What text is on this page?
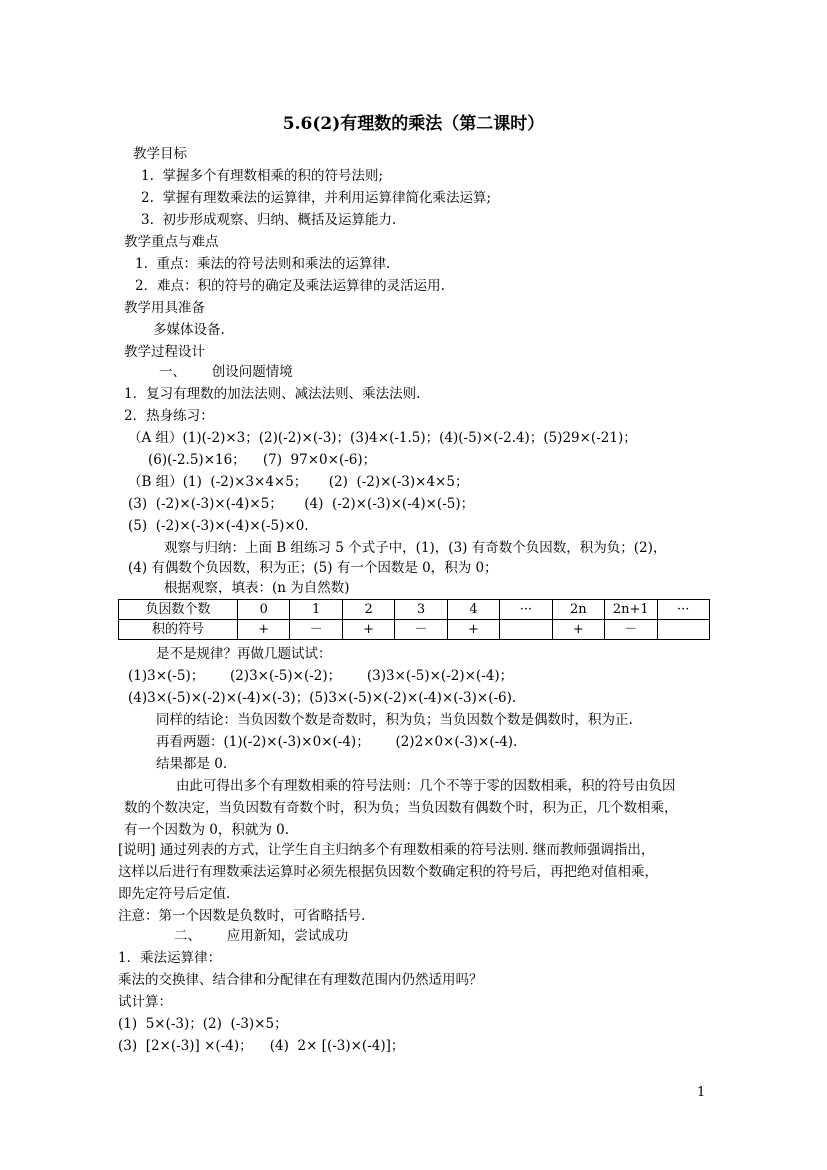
5.6(2)有理数的乘法（第二课时）
教学目标
1.  掌握多个有理数相乘的积的符号法则;
2.  掌握有理数乘法的运算律，并利用运算律简化乘法运算;
3.  初步形成观察、归纳、概括及运算能力.
教学重点与难点
1.  重点：乘法的符号法则和乘法的运算律.
2．难点：积的符号的确定及乘法运算律的灵活运用.
教学用具准备
多媒体设备.
教学过程设计
一、      创设问题情境
1．复习有理数的加法法则、减法法则、乘法法则.
2．热身练习：
（A 组）(1)(-2)×3；(2)(-2)×(-3)；(3)4×(-1.5)；(4)(-5)×(-2.4)；(5)29×(-21)；
(6)(-2.5)×16；    (7)  97×0×(-6)；
（B 组）(1)  (-2)×3×4×5；     (2)  (-2)×(-3)×4×5；
(3)  (-2)×(-3)×(-4)×5；     (4)  (-2)×(-3)×(-4)×(-5)；
(5)  (-2)×(-3)×(-4)×(-5)×0.
观察与归纳：上面 B 组练习 5 个式子中，(1)，(3) 有奇数个负因数，积为负；(2)，
(4) 有偶数个负因数，积为正；(5) 有一个因数是 0，积为 0；
根据观察，填表：(n 为自然数)
负因数个数	0	1	2	3	4	···	2n	2n+1	···
积的符号	+	－	+	－	+		+	－	
是不是规律？再做几题试试：
(1)3×(-5)；      (2)3×(-5)×(-2)；      (3)3×(-5)×(-2)×(-4)；
(4)3×(-5)×(-2)×(-4)×(-3)；(5)3×(-5)×(-2)×(-4)×(-3)×(-6).
同样的结论：当负因数个数是奇数时，积为负；当负因数个数是偶数时，积为正.
再看两题：(1)(-2)×(-3)×0×(-4)；      (2)2×0×(-3)×(-4).
结果都是 0.
由此可得出多个有理数相乘的符号法则：几个不等于零的因数相乘，积的符号由负因
数的个数决定，当负因数有奇数个时，积为负；当负因数有偶数个时，积为正，几个数相乘，
有一个因数为 0，积就为 0.
[说明] 通过列表的方式，让学生自主归纳多个有理数相乘的符号法则. 继而教师强调指出，
这样以后进行有理数乘法运算时必须先根据负因数个数确定积的符号后，再把绝对值相乘，
即先定符号后定值.
注意：第一个因数是负数时，可省略括号.
二、      应用新知，尝试成功
1．乘法运算律：
乘法的交换律、结合律和分配律在有理数范围内仍然适用吗？
试计算：
(1)  5×(-3)；(2)  (-3)×5；
(3)  [2×(-3)] ×(-4)；    (4)  2× [(-3)×(-4)]；
1
